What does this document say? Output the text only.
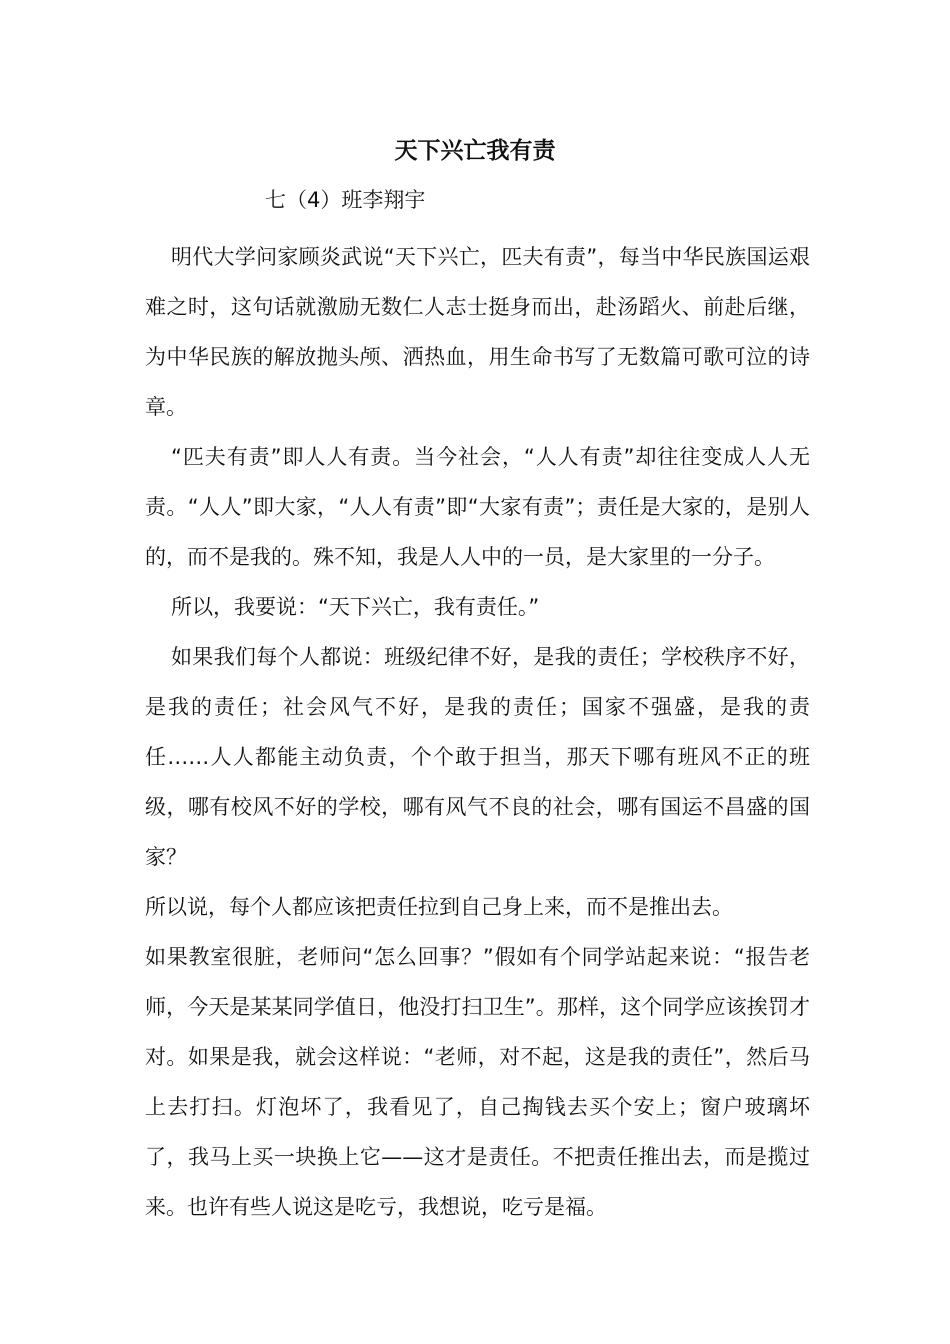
天下兴亡我有责
七（4）班李翔宇

明代大学问家顾炎武说“天下兴亡，匹夫有责”，每当中华民族国运艰难之时，这句话就激励无数仁人志士挺身而出，赴汤蹈火、前赴后继，为中华民族的解放抛头颅、洒热血，用生命书写了无数篇可歌可泣的诗章。

“匹夫有责”即人人有责。当今社会，“人人有责”却往往变成人人无责。“人人”即大家，“人人有责”即“大家有责”；责任是大家的，是别人的，而不是我的。殊不知，我是人人中的一员，是大家里的一分子。

所以，我要说：“天下兴亡，我有责任。”

如果我们每个人都说：班级纪律不好，是我的责任；学校秩序不好，是我的责任；社会风气不好，是我的责任；国家不强盛，是我的责任……人人都能主动负责，个个敢于担当，那天下哪有班风不正的班级，哪有校风不好的学校，哪有风气不良的社会，哪有国运不昌盛的国家？

所以说，每个人都应该把责任拉到自己身上来，而不是推出去。

如果教室很脏，老师问“怎么回事？”假如有个同学站起来说：“报告老师，今天是某某同学值日，他没打扫卫生”。那样，这个同学应该挨罚才对。如果是我，就会这样说：“老师，对不起，这是我的责任”，然后马上去打扫。灯泡坏了，我看见了，自己掏钱去买个安上；窗户玻璃坏了，我马上买一块换上它——这才是责任。不把责任推出去，而是揽过来。也许有些人说这是吃亏，我想说，吃亏是福。
